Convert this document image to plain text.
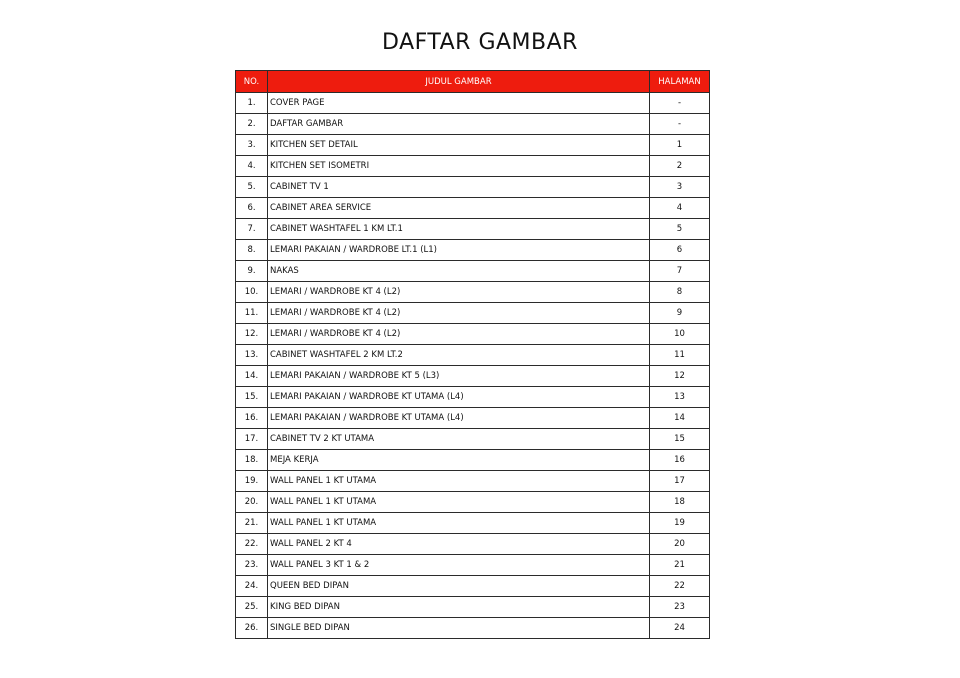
DAFTAR GAMBAR
NO.	JUDUL GAMBAR	HALAMAN
1.	COVER PAGE	-
2.	DAFTAR GAMBAR	-
3.	KITCHEN SET DETAIL	1
4.	KITCHEN SET ISOMETRI	2
5.	CABINET TV 1	3
6.	CABINET AREA SERVICE	4
7.	CABINET WASHTAFEL 1 KM LT.1	5
8.	LEMARI PAKAIAN / WARDROBE LT.1 (L1)	6
9.	NAKAS	7
10.	LEMARI / WARDROBE KT 4 (L2)	8
11.	LEMARI / WARDROBE KT 4 (L2)	9
12.	LEMARI / WARDROBE KT 4 (L2)	10
13.	CABINET WASHTAFEL 2 KM LT.2	11
14.	LEMARI PAKAIAN / WARDROBE KT 5 (L3)	12
15.	LEMARI PAKAIAN / WARDROBE KT UTAMA (L4)	13
16.	LEMARI PAKAIAN / WARDROBE KT UTAMA (L4)	14
17.	CABINET TV 2 KT UTAMA	15
18.	MEJA KERJA	16
19.	WALL PANEL 1 KT UTAMA	17
20.	WALL PANEL 1 KT UTAMA	18
21.	WALL PANEL 1 KT UTAMA	19
22.	WALL PANEL 2 KT 4	20
23.	WALL PANEL 3 KT 1 & 2	21
24.	QUEEN BED DIPAN	22
25.	KING BED DIPAN	23
26.	SINGLE BED DIPAN	24
